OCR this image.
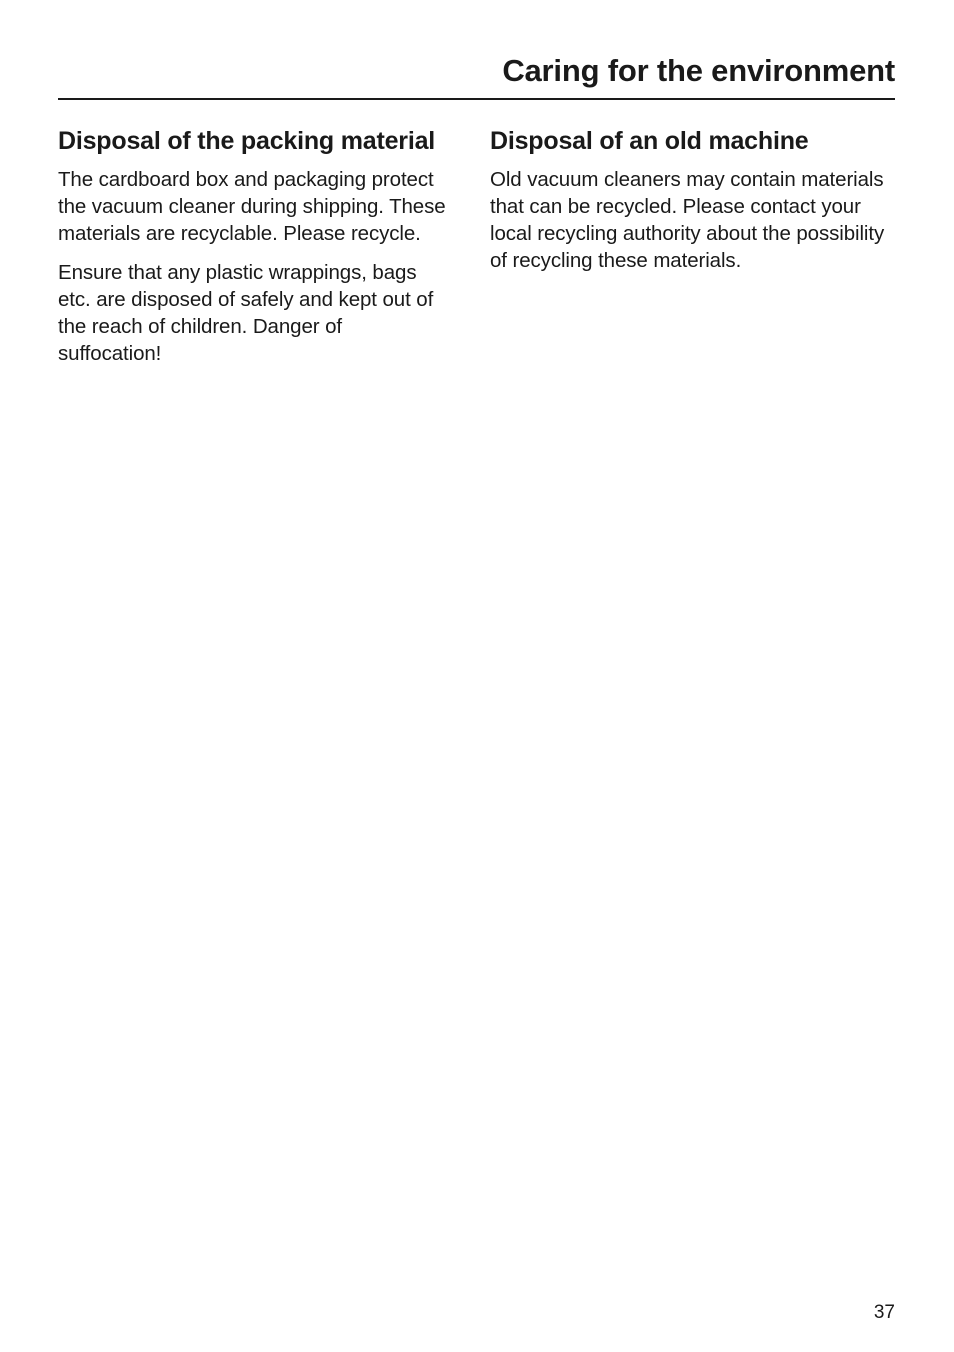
Caring for the environment
Disposal of the packing material

The cardboard box and packaging protect the vacuum cleaner during shipping. These materials are recyclable. Please recycle.

Ensure that any plastic wrappings, bags etc. are disposed of safely and kept out of the reach of children. Danger of suffocation!

Disposal of an old machine

Old vacuum cleaners may contain materials that can be recycled. Please contact your local recycling authority about the possibility of recycling these materials.

37
